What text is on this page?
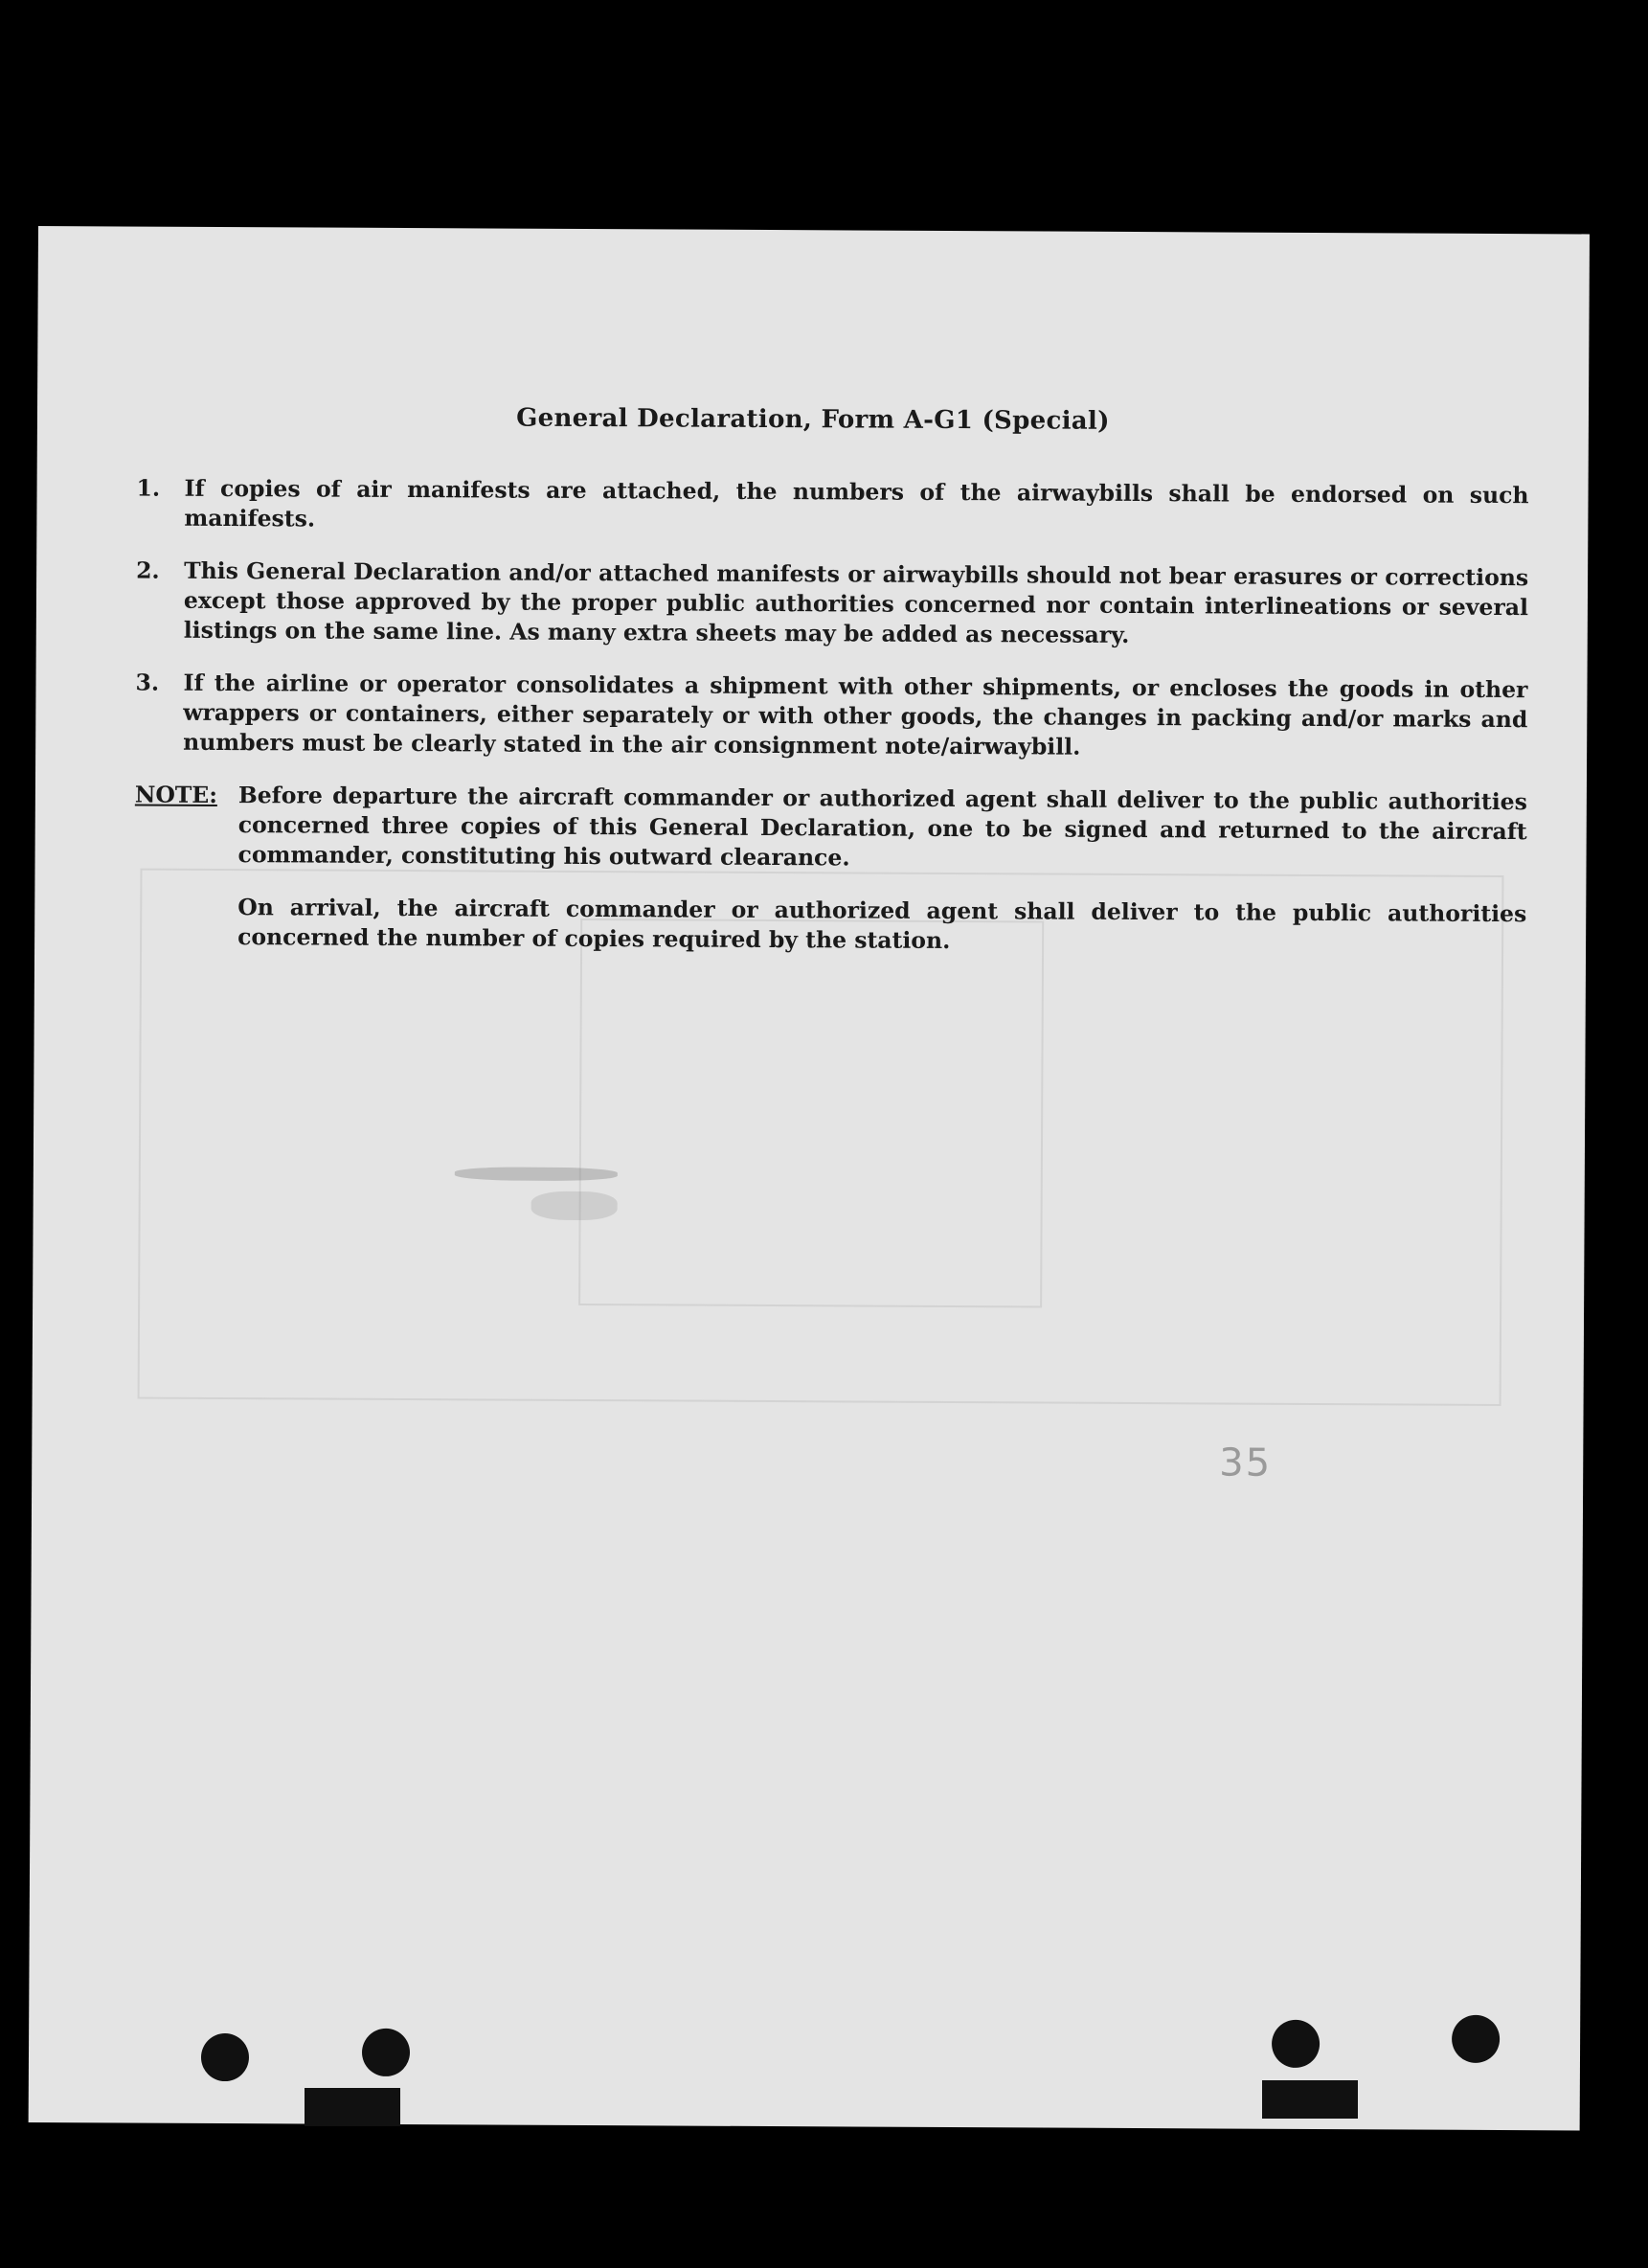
General Declaration, Form A-G1 (Special)
1.	If copies of air manifests are attached, the numbers of the airwaybills shall be endorsed on such manifests.
2.	This General Declaration and/or attached manifests or airwaybills should not bear erasures or corrections except those approved by the proper public authorities concerned nor contain interlineations or several listings on the same line. As many extra sheets may be added as necessary.
3.	If the airline or operator consolidates a shipment with other shipments, or encloses the goods in other wrappers or containers, either separately or with other goods, the changes in packing and/or marks and numbers must be clearly stated in the air consignment note/airwaybill.
NOTE: Before departure the aircraft commander or authorized agent shall deliver to the public authorities concerned three copies of this General Declaration, one to be signed and returned to the aircraft commander, constituting his outward clearance.

On arrival, the aircraft commander or authorized agent shall deliver to the public authorities concerned the number of copies required by the station.

35
